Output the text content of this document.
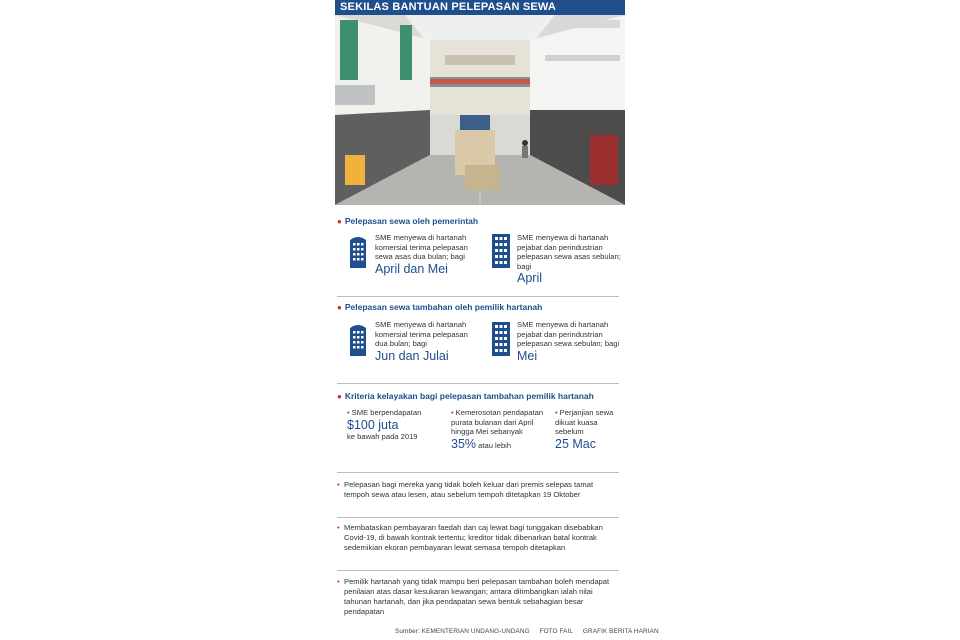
SEKILAS BANTUAN PELEPASAN SEWA
● Pelepasan sewa oleh pemerintah
SME menyewa di hartanah komersial terima pelepasan sewa asas dua bulan; bagi
April dan Mei
SME menyewa di hartanah pejabat dan perindustrian pelepasan sewa asas sebulan; bagi
April
● Pelepasan sewa tambahan oleh pemilik hartanah
SME menyewa di hartanah komersial terima pelepasan dua bulan; bagi
Jun dan Julai
SME menyewa di hartanah pejabat dan perindustrian pelepasan sewa sebulan; bagi
Mei
● Kriteria kelayakan bagi pelepasan tambahan pemilik hartanah
• SME berpendapatan
$100 juta
ke bawah pada 2019
• Kemerosotan pendapatan purata bulanan dari April hingga Mei sebanyak
35% atau lebih
• Perjanjian sewa dikuat kuasa sebelum
25 Mac
• Pelepasan bagi mereka yang tidak boleh keluar dari premis selepas tamat tempoh sewa atau lesen, atau sebelum tempoh ditetapkan 19 Oktober
• Membataskan pembayaran faedah dan caj lewat bagi tunggakan disebabkan Covid-19, di bawah kontrak tertentu; kreditor tidak dibenarkan batal kontrak sedemikian ekoran pembayaran lewat semasa tempoh ditetapkan
• Pemilik hartanah yang tidak mampu beri pelepasan tambahan boleh mendapat penilaian atas dasar kesukaran kewangan; antara ditimbangkan ialah nilai tahunan hartanah, dan jika pendapatan sewa bentuk sebahagian besar pendapatan
Sumber: KEMENTERIAN UNDANG-UNDANG FOTO FAIL GRAFIK BERITA HARIAN
